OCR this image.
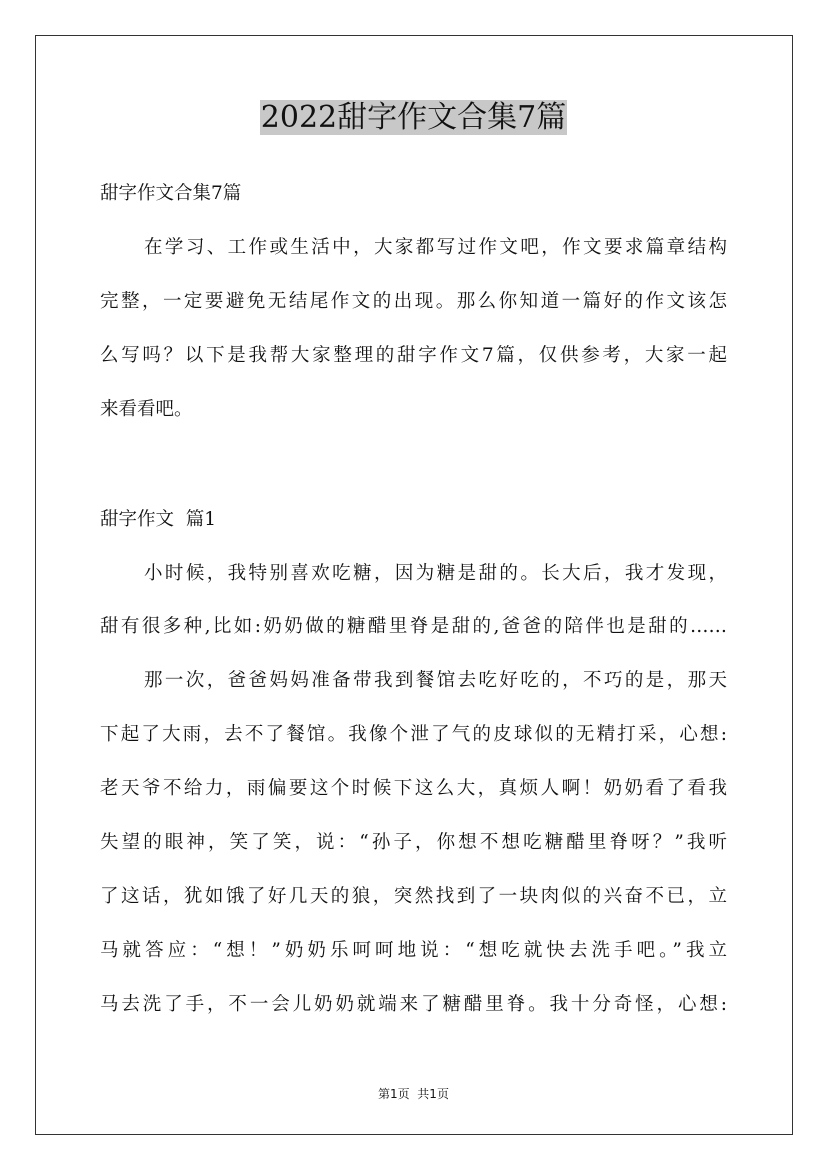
2022甜字作文合集7篇
甜字作文合集7篇
在学习、工作或生活中，大家都写过作文吧，作文要求篇章结构
完整，一定要避免无结尾作文的出现。那么你知道一篇好的作文该怎
么写吗？以下是我帮大家整理的甜字作文7篇，仅供参考，大家一起
来看看吧。
甜字作文  篇1
小时候，我特别喜欢吃糖，因为糖是甜的。长大后，我才发现，
甜有很多种,比如:奶奶做的糖醋里脊是甜的,爸爸的陪伴也是甜的……
那一次，爸爸妈妈准备带我到餐馆去吃好吃的，不巧的是，那天
下起了大雨，去不了餐馆。我像个泄了气的皮球似的无精打采，心想:
老天爷不给力，雨偏要这个时候下这么大，真烦人啊！奶奶看了看我
失望的眼神，笑了笑，说：“孙子，你想不想吃糖醋里脊呀？”我听
了这话，犹如饿了好几天的狼，突然找到了一块肉似的兴奋不已，立
马就答应：“想！”奶奶乐呵呵地说：“想吃就快去洗手吧。”我立
马去洗了手，不一会儿奶奶就端来了糖醋里脊。我十分奇怪，心想:
第1页  共1页
